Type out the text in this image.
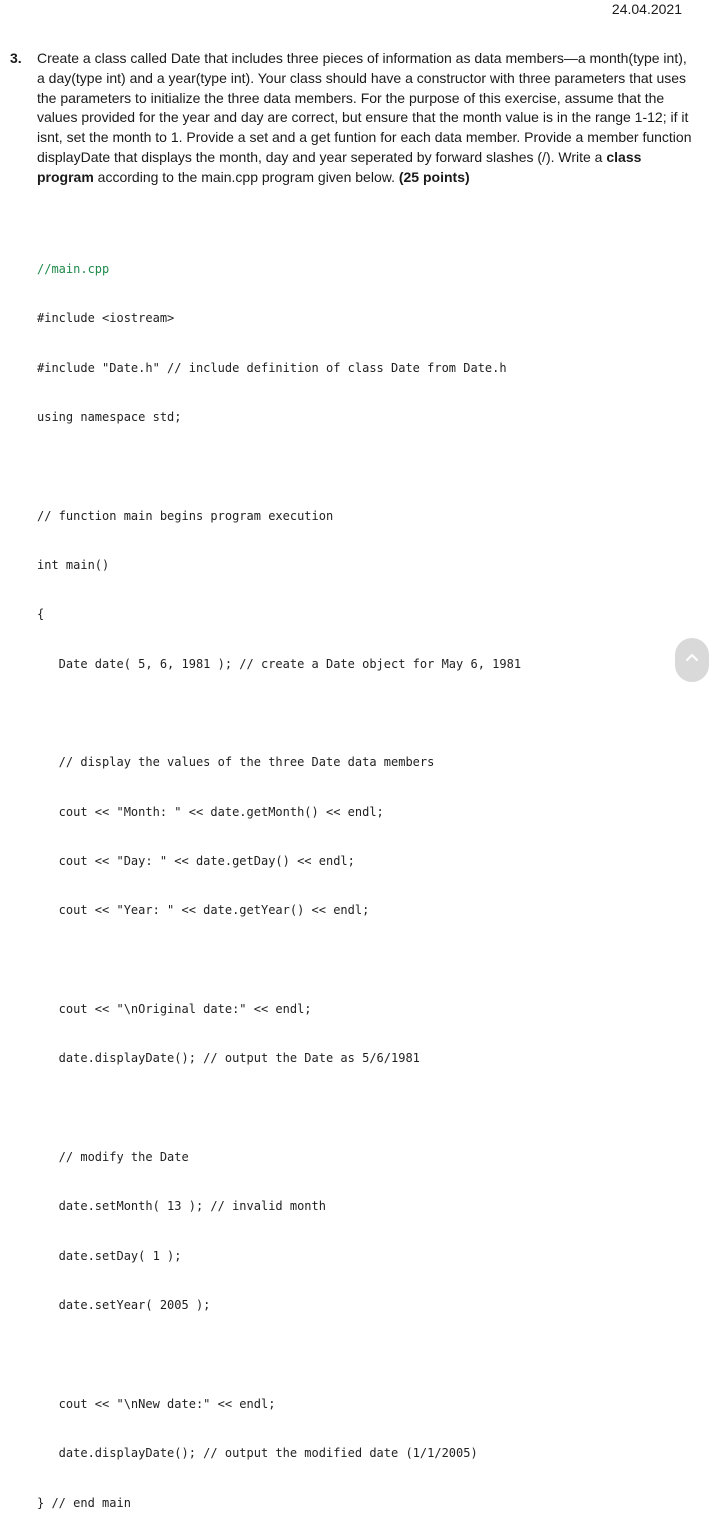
24.04.2021
3. Create a class called Date that includes three pieces of information as data members—a month(type int), a day(type int) and a year(type int). Your class should have a constructor with three parameters that uses the parameters to initialize the three data members. For the purpose of this exercise, assume that the values provided for the year and day are correct, but ensure that the month value is in the range 1-12; if it isnt, set the month to 1. Provide a set and a get funtion for each data member. Provide a member function displayDate that displays the month, day and year seperated by forward slashes (/). Write a class program according to the main.cpp program given below. (25 points)

//main.cpp

#include <iostream>

#include "Date.h" // include definition of class Date from Date.h

using namespace std;

// function main begins program execution

int main()

{

Date date( 5, 6, 1981 ); // create a Date object for May 6, 1981

// display the values of the three Date data members

cout << "Month: " << date.getMonth() << endl;

cout << "Day: " << date.getDay() << endl;

cout << "Year: " << date.getYear() << endl;

cout << "\nOriginal date:" << endl;

date.displayDate(); // output the Date as 5/6/1981

// modify the Date

date.setMonth( 13 ); // invalid month

date.setDay( 1 );

date.setYear( 2005 );

cout << "\nNew date:" << endl;

date.displayDate(); // output the modified date (1/1/2005)

} // end main
